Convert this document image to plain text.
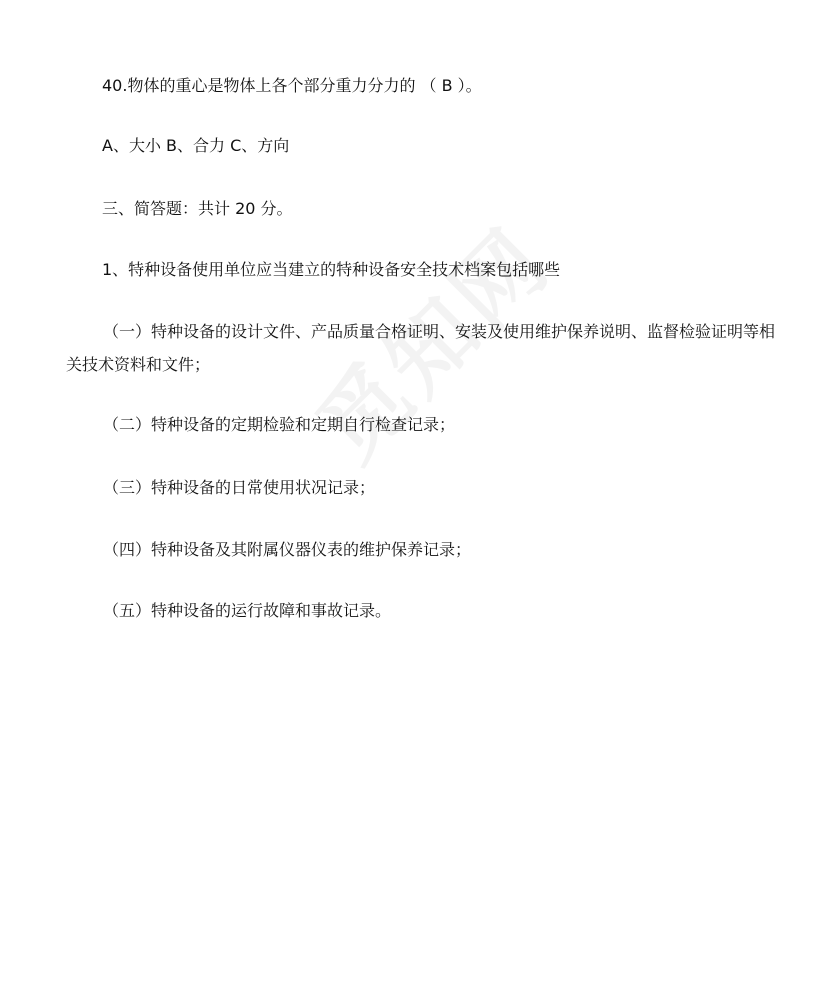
40.物体的重心是物体上各个部分重力分力的 （ B ）。
A、大小 B、合力 C、方向
三、简答题：共计 20 分。
1、特种设备使用单位应当建立的特种设备安全技术档案包括哪些
（一）特种设备的设计文件、产品质量合格证明、安装及使用维护保养说明、监督检验证明等相
关技术资料和文件；
（二）特种设备的定期检验和定期自行检查记录；
（三）特种设备的日常使用状况记录；
（四）特种设备及其附属仪器仪表的维护保养记录；
（五）特种设备的运行故障和事故记录。
